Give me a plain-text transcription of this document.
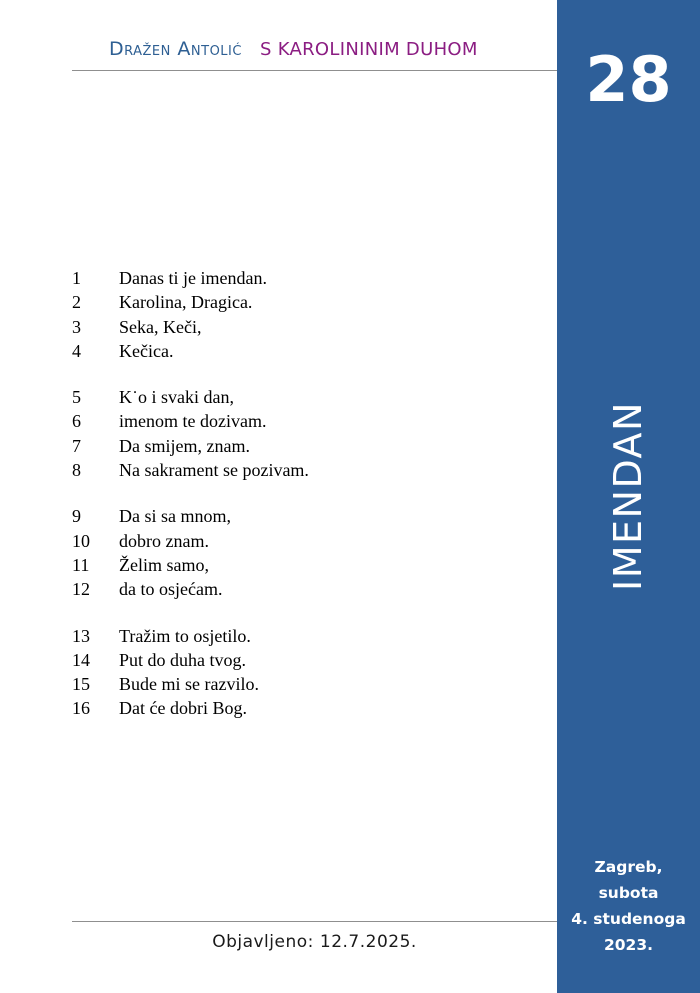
Dražen Antolić S KAROLININIM DUHOM
1	Danas ti je imendan.
2	Karolina, Dragica.
3	Seka, Keči,
4	Kečica.
5	K˙o i svaki dan,
6	imenom te dozivam.
7	Da smijem, znam.
8	Na sakrament se pozivam.
9	Da si sa mnom,
10	dobro znam.
11	Želim samo,
12	da to osjećam.
13	Tražim to osjetilo.
14	Put do duha tvog.
15	Bude mi se razvilo.
16	Dat će dobri Bog.
Objavljeno: 12.7.2025.
28
IMENDAN
Zagreb,
subota
4. studenoga
2023.
